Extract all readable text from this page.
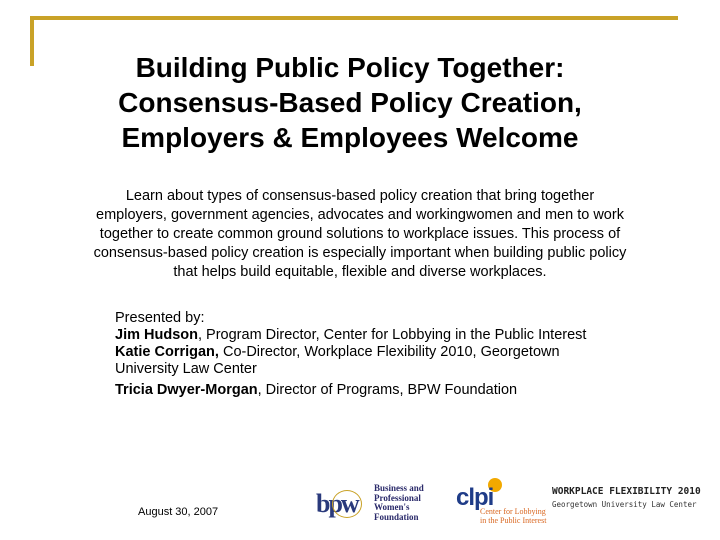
Building Public Policy Together:
Consensus-Based Policy Creation,
Employers & Employees Welcome
Learn about types of consensus-based policy creation that bring together
employers, government agencies, advocates and workingwomen and men to work
together to create common ground solutions to workplace issues. This process of
consensus-based policy creation is especially important when building public policy
that helps build equitable, flexible and diverse workplaces.
Presented by:
Jim Hudson, Program Director, Center for Lobbying in the Public Interest
Katie Corrigan, Co-Director, Workplace Flexibility 2010, Georgetown University Law Center
Tricia Dwyer-Morgan, Director of Programs, BPW Foundation
August 30, 2007	bpw
Business and
Professional
Women's
Foundation
clpi
Center for Lobbying
in the Public Interest
WORKPLACE FLEXIBILITY 2010
Georgetown University Law Center
